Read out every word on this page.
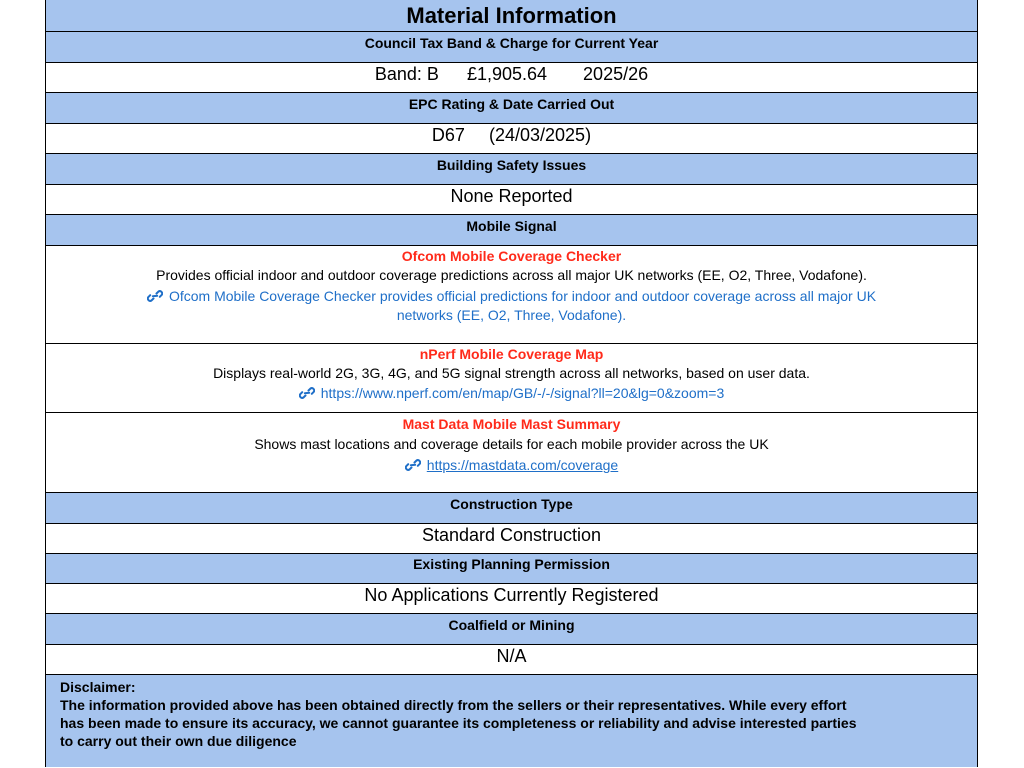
Material Information
Council Tax Band & Charge for Current Year
Band: B £1,905.64 2025/26
EPC Rating & Date Carried Out
D67 (24/03/2025)
Building Safety Issues
None Reported
Mobile Signal
Ofcom Mobile Coverage Checker
Provides official indoor and outdoor coverage predictions across all major UK networks (EE, O2, Three, Vodafone).
Ofcom Mobile Coverage Checker provides official predictions for indoor and outdoor coverage across all major UK
networks (EE, O2, Three, Vodafone).
nPerf Mobile Coverage Map
Displays real-world 2G, 3G, 4G, and 5G signal strength across all networks, based on user data.
https://www.nperf.com/en/map/GB/-/-/signal?ll=20&lg=0&zoom=3
Mast Data Mobile Mast Summary
Shows mast locations and coverage details for each mobile provider across the UK
https://mastdata.com/coverage
Construction Type
Standard Construction
Existing Planning Permission
No Applications Currently Registered
Coalfield or Mining
N/A
Disclaimer:
The information provided above has been obtained directly from the sellers or their representatives. While every effort
has been made to ensure its accuracy, we cannot guarantee its completeness or reliability and advise interested parties
to carry out their own due diligence
